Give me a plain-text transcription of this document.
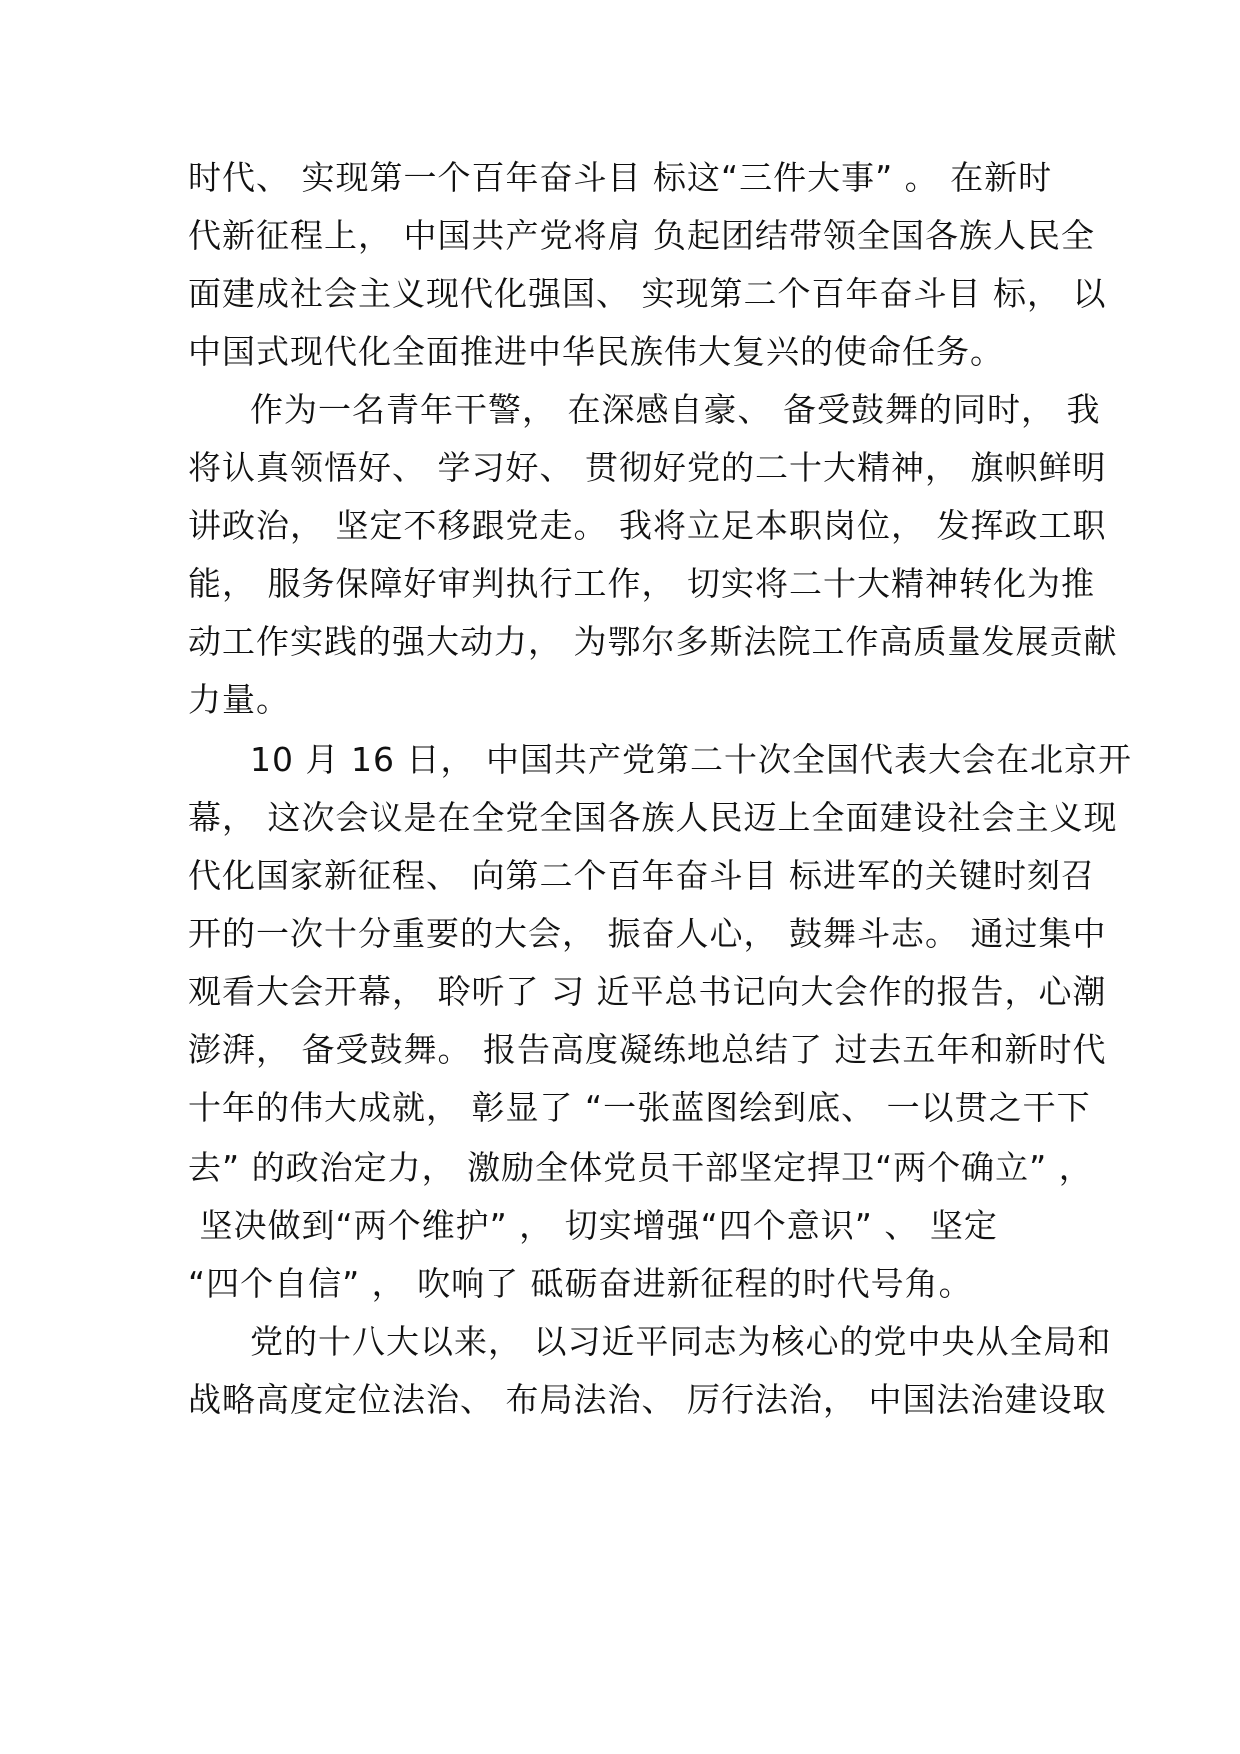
时代、 实现第一个百年奋斗目 标这“三件大事” 。 在新时
代新征程上， 中国共产党将肩 负起团结带领全国各族人民全
面建成社会主义现代化强国、 实现第二个百年奋斗目 标， 以
中国式现代化全面推进中华民族伟大复兴的使命任务。
作为一名青年干警， 在深感自豪、 备受鼓舞的同时， 我
将认真领悟好、 学习好、 贯彻好党的二十大精神， 旗帜鲜明
讲政治， 坚定不移跟党走。 我将立足本职岗位， 发挥政工职
能， 服务保障好审判执行工作， 切实将二十大精神转化为推
动工作实践的强大动力， 为鄂尔多斯法院工作高质量发展贡献
力量。
10 月 16 日， 中国共产党第二十次全国代表大会在北京开
幕， 这次会议是在全党全国各族人民迈上全面建设社会主义现
代化国家新征程、 向第二个百年奋斗目 标进军的关键时刻召
开的一次十分重要的大会， 振奋人心， 鼓舞斗志。 通过集中
观看大会开幕， 聆听了 习 近平总书记向大会作的报告，心潮
澎湃， 备受鼓舞。 报告高度凝练地总结了 过去五年和新时代
十年的伟大成就， 彰显了 “一张蓝图绘到底、 一以贯之干下
去” 的政治定力， 激励全体党员干部坚定捍卫“两个确立” ，
坚决做到“两个维护” ， 切实增强“四个意识” 、 坚定
“四个自信” ， 吹响了 砥砺奋进新征程的时代号角。
党的十八大以来， 以习近平同志为核心的党中央从全局和
战略高度定位法治、 布局法治、 厉行法治， 中国法治建设取
